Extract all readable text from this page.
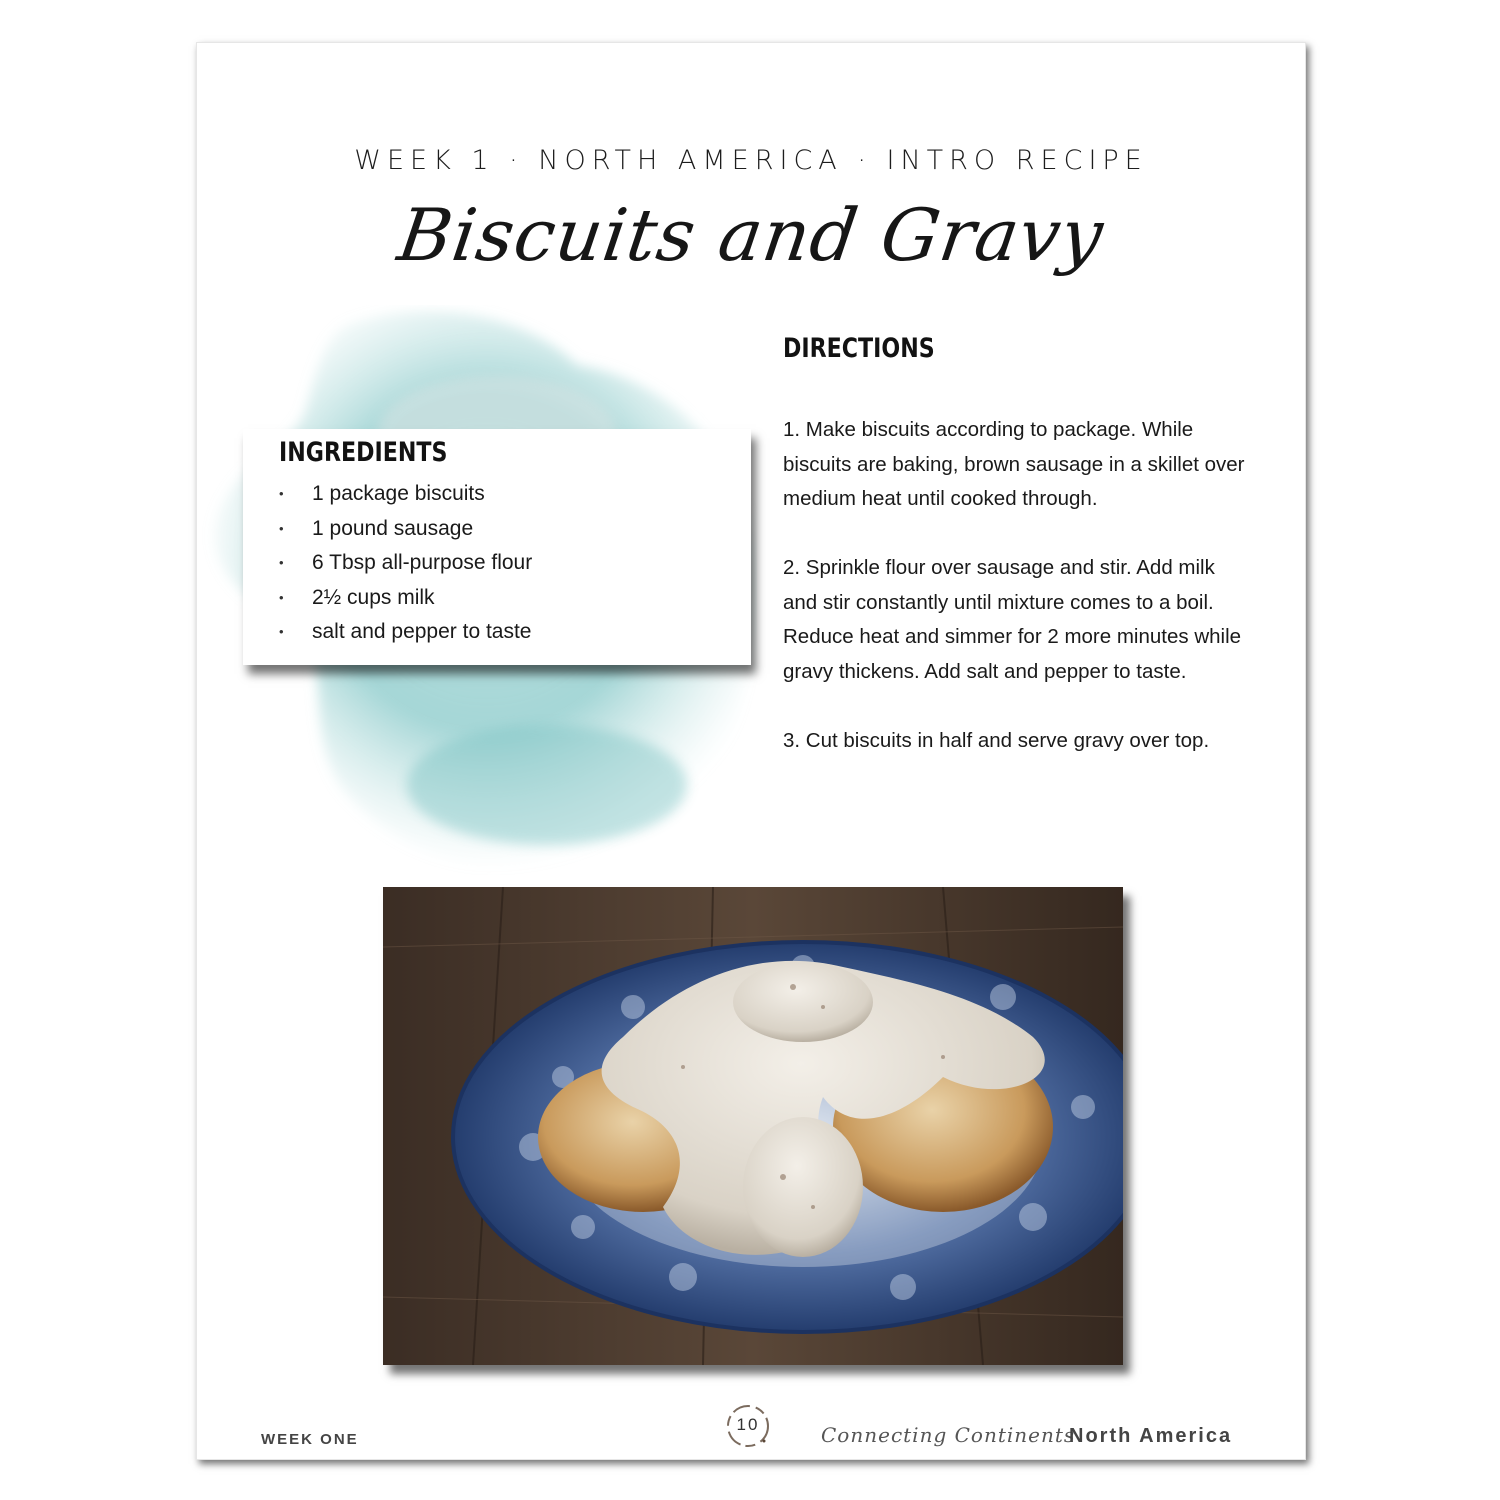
WEEK 1 · NORTH AMERICA · INTRO RECIPE
Biscuits and Gravy
INGREDIENTS
• 1 package biscuits
• 1 pound sausage
• 6 Tbsp all-purpose flour
• 2½ cups milk
• salt and pepper to taste
DIRECTIONS

1. Make biscuits according to package. While biscuits are baking, brown sausage in a skillet over medium heat until cooked through.

2. Sprinkle flour over sausage and stir. Add milk and stir constantly until mixture comes to a boil. Reduce heat and simmer for 2 more minutes while gravy thickens. Add salt and pepper to taste.

3. Cut biscuits in half and serve gravy over top.

WEEK ONE
10	Connecting Continents
North America
